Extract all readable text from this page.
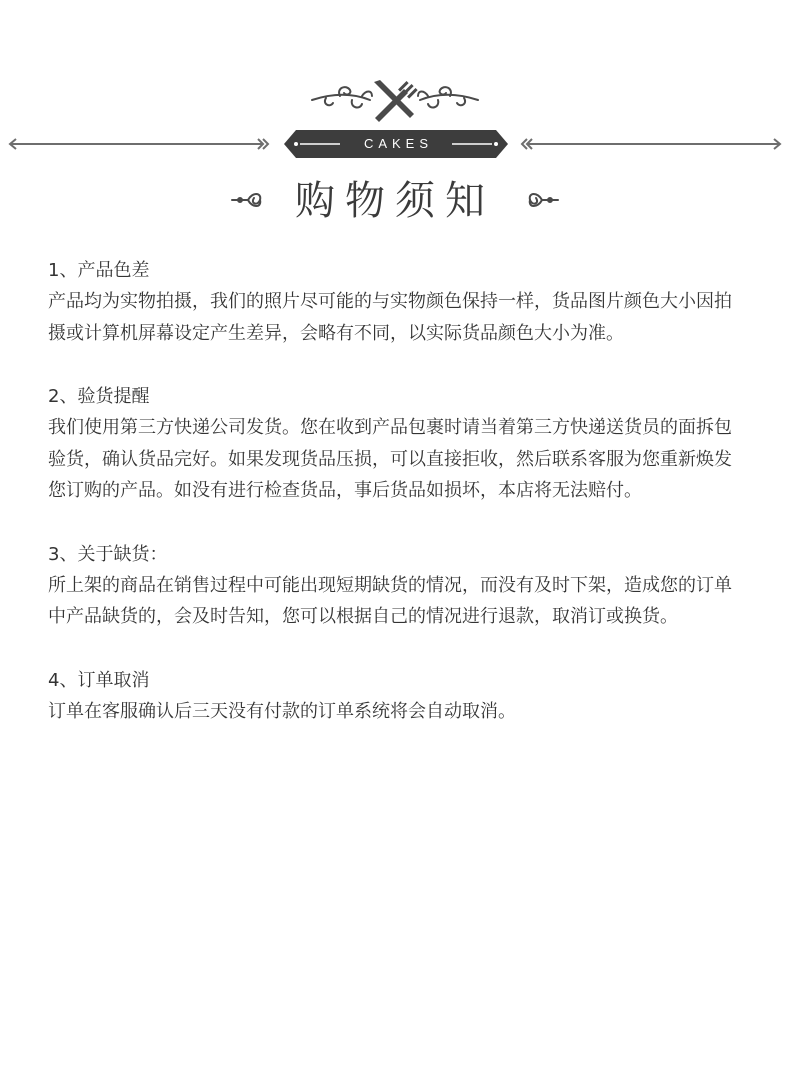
CAKES
购物须知
1、产品色差
产品均为实物拍摄，我们的照片尽可能的与实物颜色保持一样，货品图片颜色大小因拍摄或计算机屏幕设定产生差异，会略有不同，以实际货品颜色大小为准。
2、验货提醒
我们使用第三方快递公司发货。您在收到产品包裹时请当着第三方快递送货员的面拆包验货，确认货品完好。如果发现货品压损，可以直接拒收，然后联系客服为您重新焕发您订购的产品。如没有进行检查货品，事后货品如损坏，本店将无法赔付。
3、关于缺货：
所上架的商品在销售过程中可能出现短期缺货的情况，而没有及时下架，造成您的订单中产品缺货的，会及时告知，您可以根据自己的情况进行退款，取消订或换货。
4、订单取消
订单在客服确认后三天没有付款的订单系统将会自动取消。
